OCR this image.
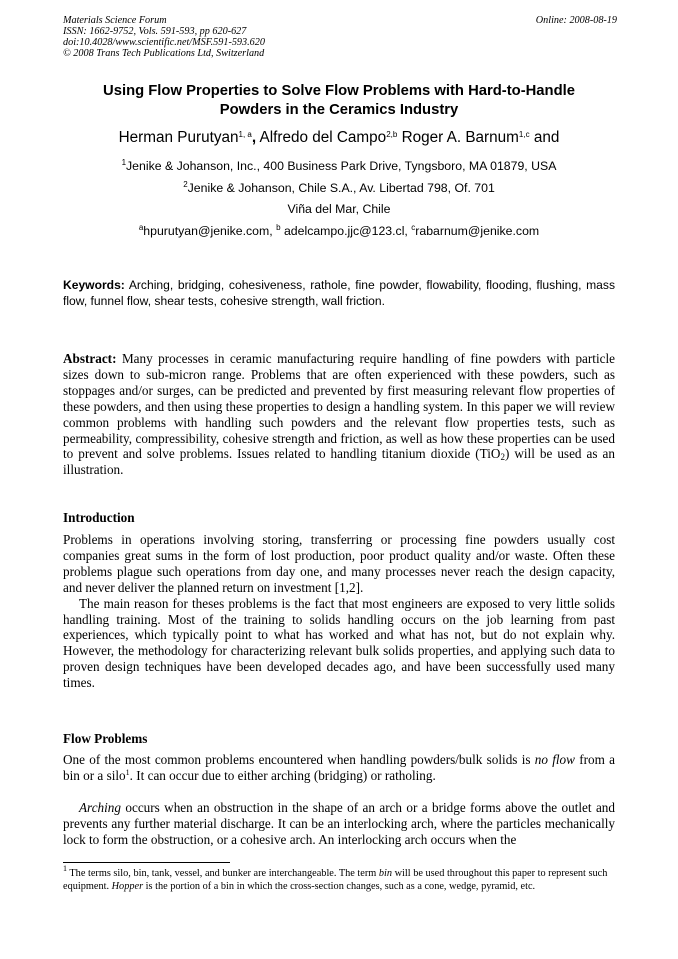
Materials Science Forum
ISSN: 1662-9752, Vols. 591-593, pp 620-627
doi:10.4028/www.scientific.net/MSF.591-593.620
© 2008 Trans Tech Publications Ltd, Switzerland
Online: 2008-08-19
Using Flow Properties to Solve Flow Problems with Hard-to-Handle
Powders in the Ceramics Industry
Herman Purutyan$^{1, a}$, Alfredo del Campo$^{2,b}$ Roger A. Barnum$^{1,c}$ and
$^1$Jenike & Johanson, Inc., 400 Business Park Drive, Tyngsboro, MA 01879, USA
$^2$Jenike & Johanson, Chile S.A., Av. Libertad 798, Of. 701
Viña del Mar, Chile
$^a$hpurutyan@jenike.com, $^b$ adelcampo.jjc@123.cl, $^c$rabarnum@jenike.com
Keywords: Arching, bridging, cohesiveness, rathole, fine powder, flowability, flooding, flushing, mass flow, funnel flow, shear tests, cohesive strength, wall friction.

Abstract: Many processes in ceramic manufacturing require handling of fine powders with particle sizes down to sub-micron range. Problems that are often experienced with these powders, such as stoppages and/or surges, can be predicted and prevented by first measuring relevant flow properties of these powders, and then using these properties to design a handling system. In this paper we will review common problems with handling such powders and the relevant flow properties tests, such as permeability, compressibility, cohesive strength and friction, as well as how these properties can be used to prevent and solve problems. Issues related to handling titanium dioxide (TiO$_2$) will be used as an illustration.

Introduction

Problems in operations involving storing, transferring or processing fine powders usually cost companies great sums in the form of lost production, poor product quality and/or waste. Often these problems plague such operations from day one, and many processes never reach the design capacity, and never deliver the planned return on investment [1,2].

The main reason for theses problems is the fact that most engineers are exposed to very little solids handling training. Most of the training to solids handling occurs on the job learning from past experiences, which typically point to what has worked and what has not, but do not explain why. However, the methodology for characterizing relevant bulk solids properties, and applying such data to proven design techniques have been developed decades ago, and have been successfully used many times.

Flow Problems

One of the most common problems encountered when handling powders/bulk solids is no flow from a bin or a silo$^1$. It can occur due to either arching (bridging) or ratholing.

Arching occurs when an obstruction in the shape of an arch or a bridge forms above the outlet and prevents any further material discharge. It can be an interlocking arch, where the particles mechanically lock to form the obstruction, or a cohesive arch. An interlocking arch occurs when the

$^1$ The terms silo, bin, tank, vessel, and bunker are interchangeable. The term bin will be used throughout this paper to represent such equipment. Hopper is the portion of a bin in which the cross-section changes, such as a cone, wedge, pyramid, etc.
